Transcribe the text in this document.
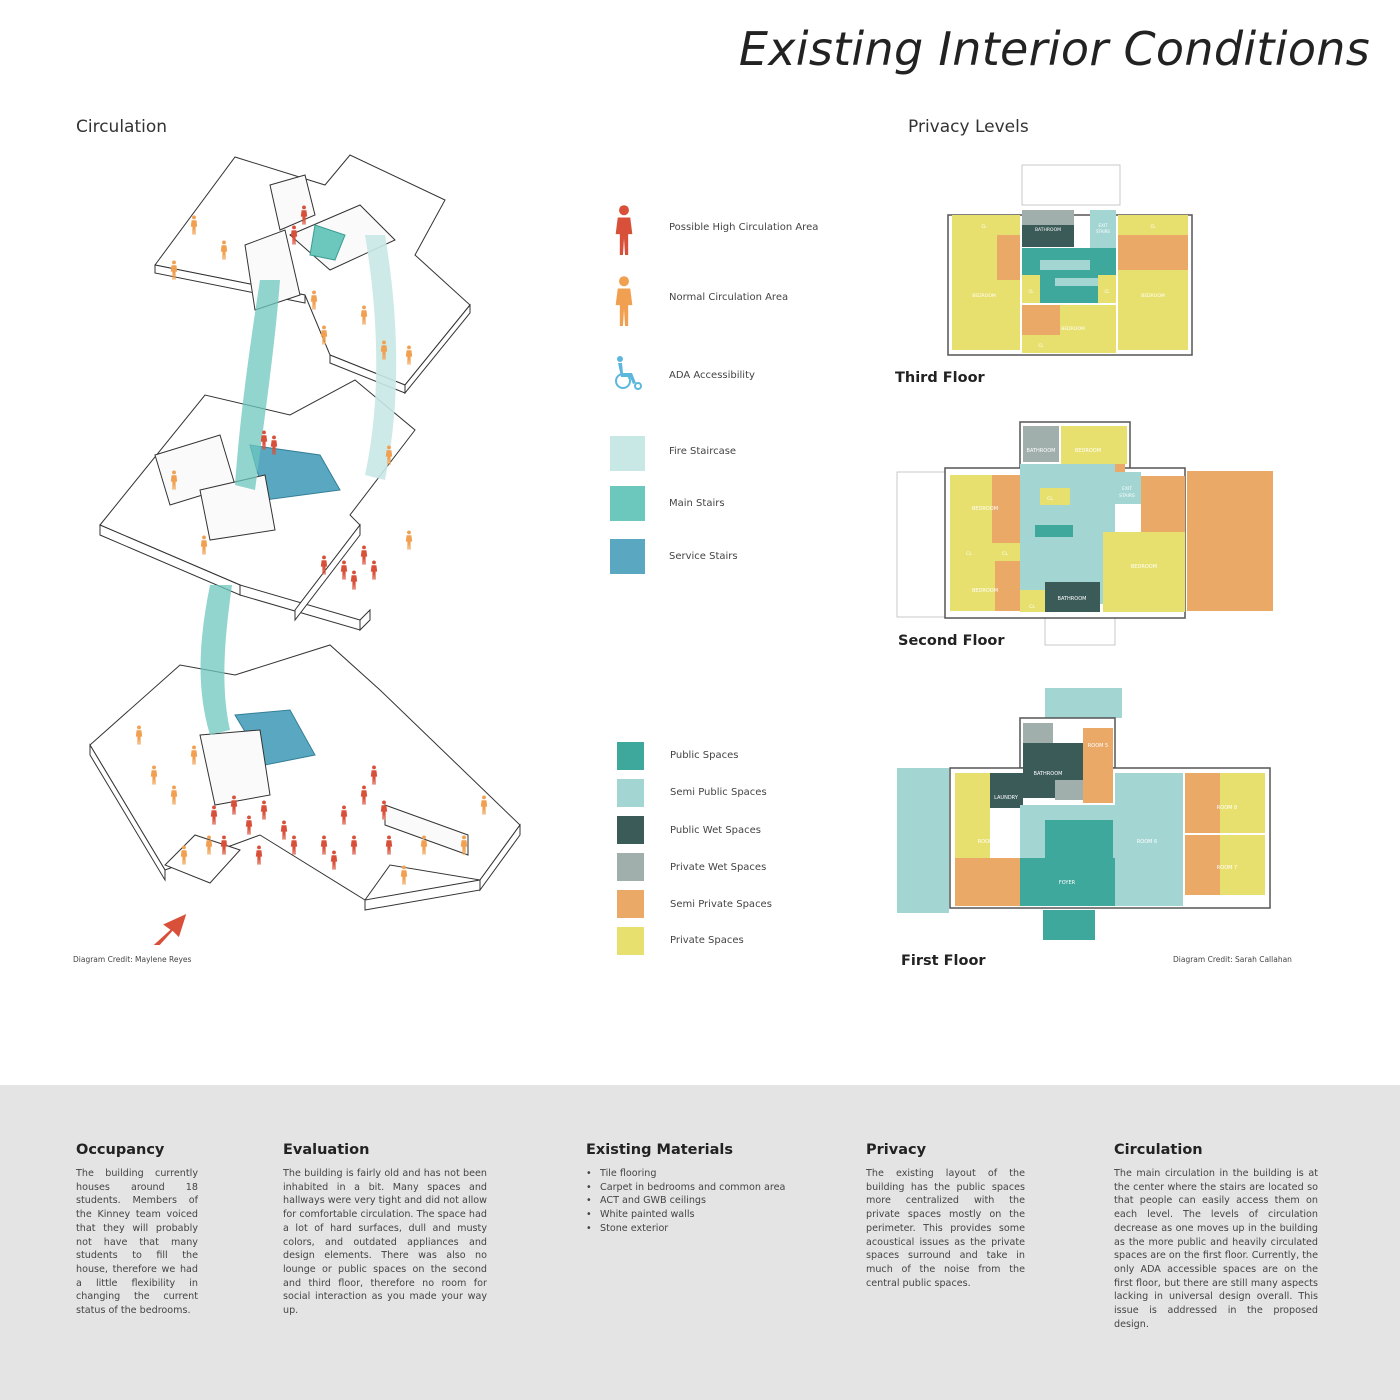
Existing Interior Conditions
Circulation	Privacy Levels
Diagram Credit: Maylene Reyes
Possible High Circulation Area
Normal Circulation Area
ADA Accessibility
Fire Staircase
Main Stairs
Service Stairs
Public Spaces
Semi Public Spaces
Public Wet Spaces
Private Wet Spaces
Semi Private Spaces
Private Spaces
CL
BATHROOM
EXIT
STAIRS
CL
BEDROOM
CL	CL
BEDROOM
BEDROOM
CL
Third Floor
BATHROOM	BEDROOM
CL
EXIT
STAIRS
BEDROOM
CL	CL
BEDROOM
BEDROOM
CL
BATHROOM
Second Floor
ROOM 5
BATHROOM
LAUNDRY
ROOM 8
ROOM 1	ROOM 6
ROOM 7
FOYER
First Floor	Diagram Credit: Sarah Callahan
Occupancy

The building currently houses around 18 students. Members of the Kinney team voiced that they will probably not have that many students to fill the house, therefore we had a little flexibility in changing the current status of the bedrooms.

Evaluation

The building is fairly old and has not been inhabited in a bit. Many spaces and hallways were very tight and did not allow for comfortable circulation. The space had a lot of hard surfaces, dull and musty colors, and outdated appliances and design elements. There was also no lounge or public spaces on the second and third floor, therefore no room for social interaction as you made your way up.

Existing Materials
• Tile flooring
• Carpet in bedrooms and common area
• ACT and GWB ceilings
• White painted walls
• Stone exterior
Privacy

The existing layout of the building has the public spaces more centralized with the private spaces mostly on the perimeter. This provides some acoustical issues as the private spaces surround and take in much of the noise from the central public spaces.

Circulation

The main circulation in the building is at the center where the stairs are located so that people can easily access them on each level. The levels of circulation decrease as one moves up in the building as the more public and heavily circulated spaces are on the first floor. Currently, the only ADA accessible spaces are on the first floor, but there are still many aspects lacking in universal design overall. This issue is addressed in the proposed design.
